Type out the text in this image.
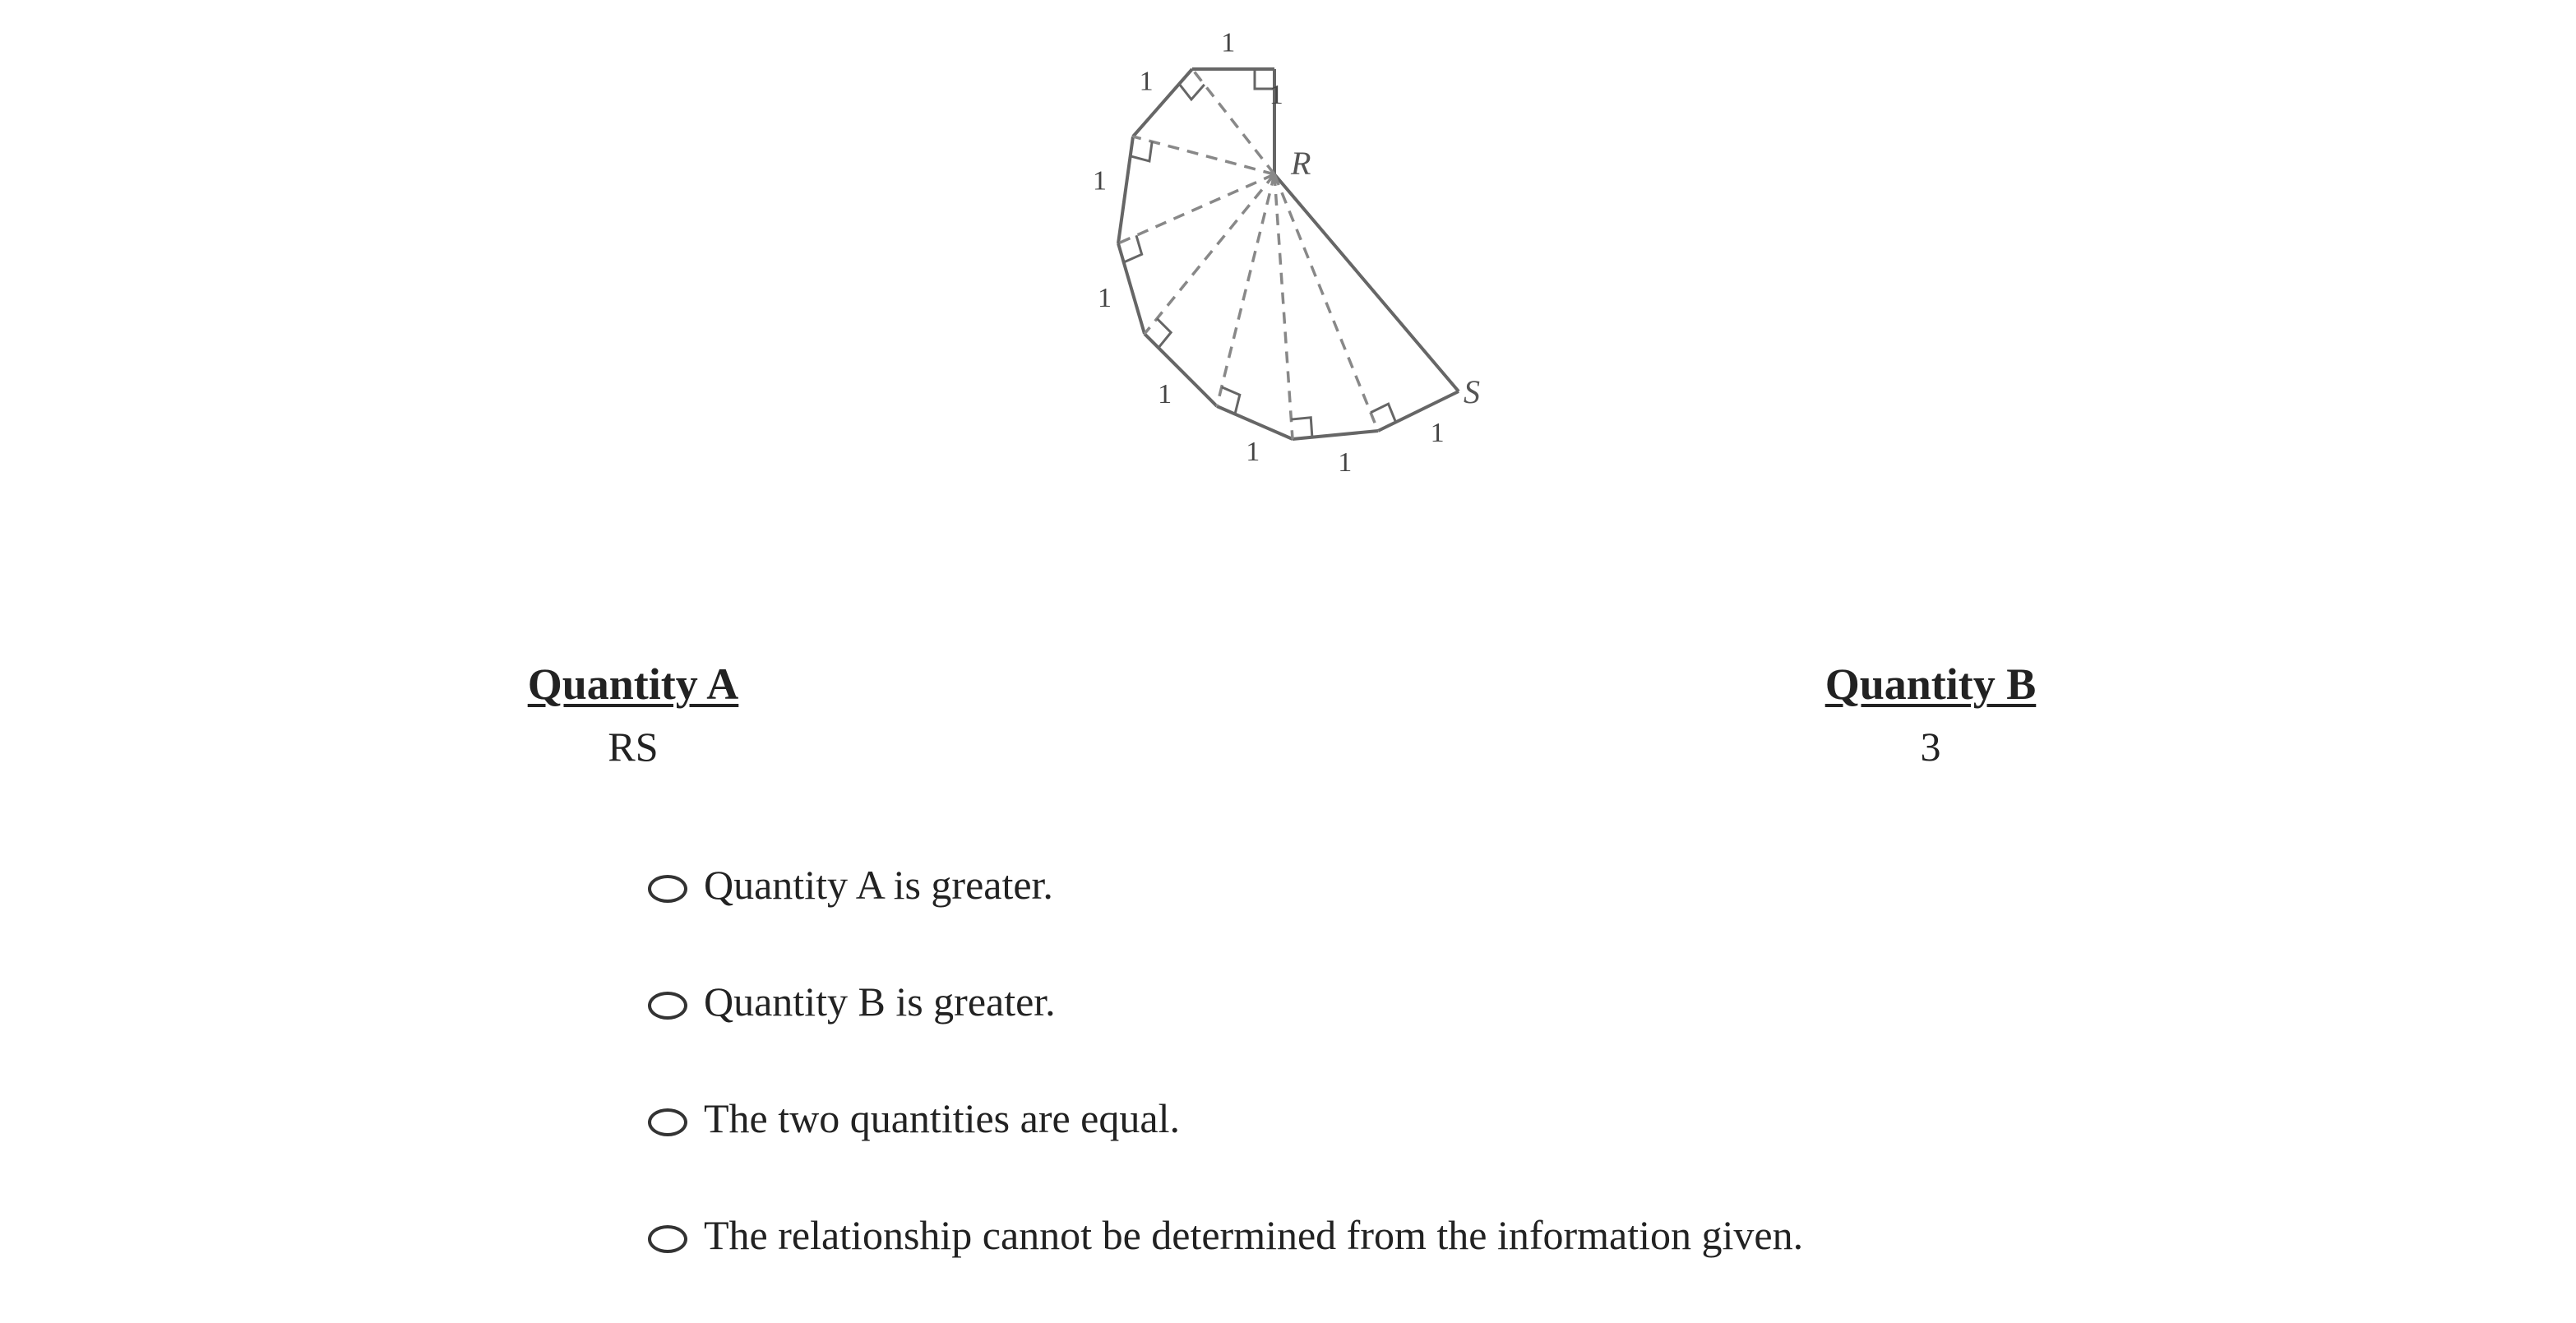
1
1
1
1
1
1
1	1
1
R
S
Quantity A
RS
Quantity B
3
Quantity A is greater.
Quantity B is greater.
The two quantities are equal.
The relationship cannot be determined from the information given.
